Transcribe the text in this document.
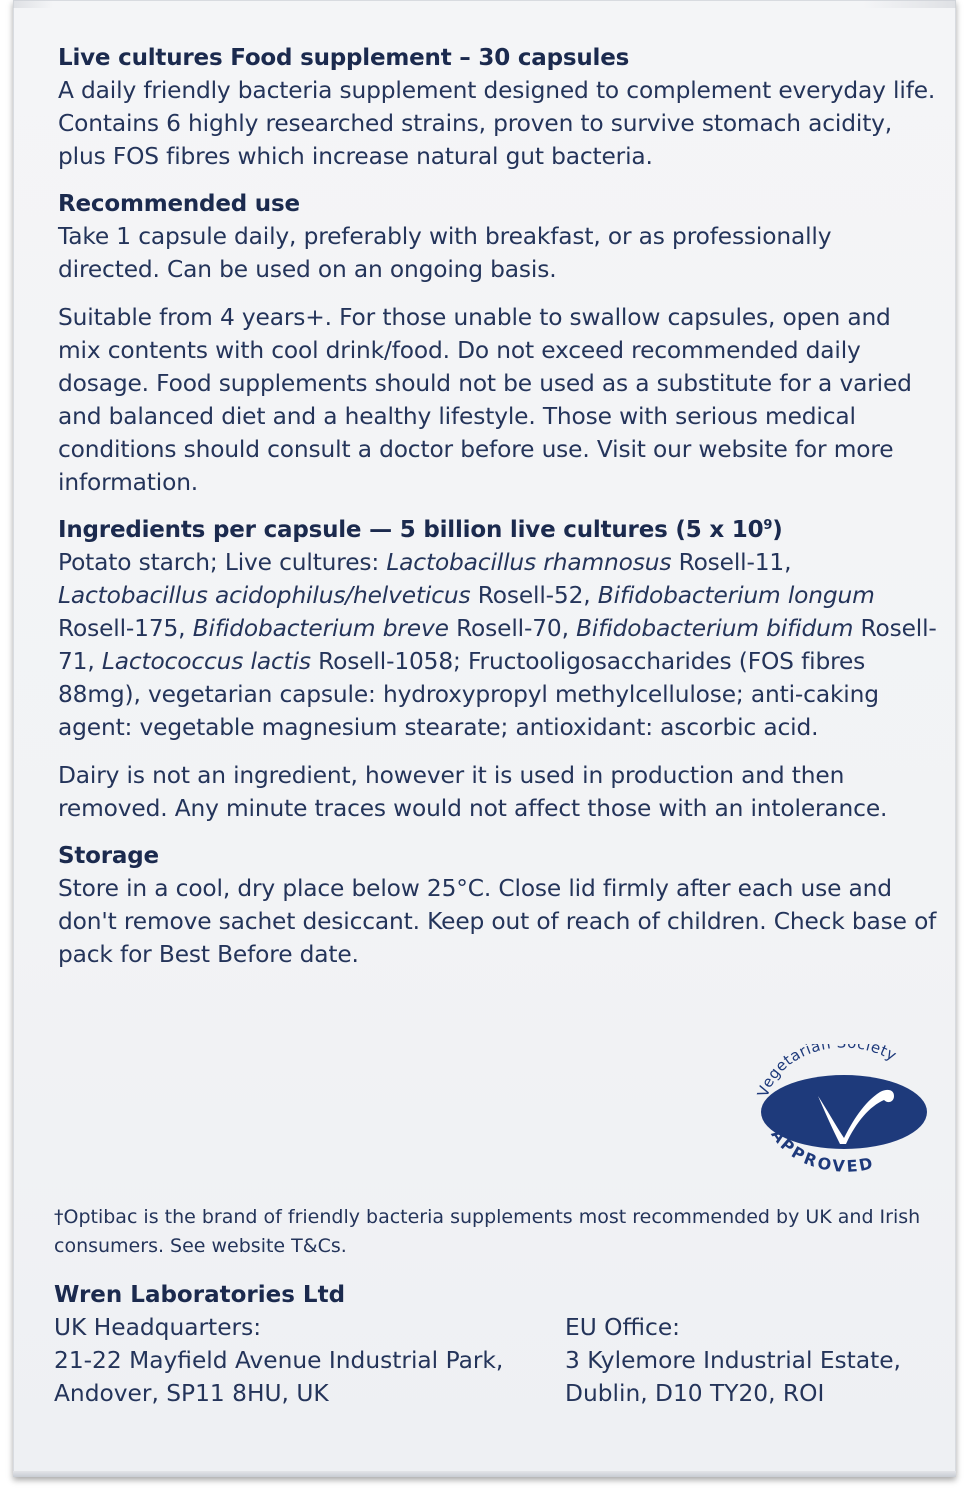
Live cultures Food supplement – 30 capsules

A daily friendly bacteria supplement designed to complement everyday life. Contains 6 highly researched strains, proven to survive stomach acidity, plus FOS fibres which increase natural gut bacteria.

Recommended use

Take 1 capsule daily, preferably with breakfast, or as professionally directed. Can be used on an ongoing basis.

Suitable from 4 years+. For those unable to swallow capsules, open and mix contents with cool drink/food. Do not exceed recommended daily dosage. Food supplements should not be used as a substitute for a varied and balanced diet and a healthy lifestyle. Those with serious medical conditions should consult a doctor before use. Visit our website for more information.

Ingredients per capsule — 5 billion live cultures (5 x $10^9$)

Potato starch; Live cultures: Lactobacillus rhamnosus Rosell-11, Lactobacillus acidophilus/helveticus Rosell-52, Bifidobacterium longum Rosell-175, Bifidobacterium breve Rosell-70, Bifidobacterium bifidum Rosell-71, Lactococcus lactis Rosell-1058; Fructooligosaccharides (FOS fibres 88mg), vegetarian capsule: hydroxypropyl methylcellulose; anti-caking agent: vegetable magnesium stearate; antioxidant: ascorbic acid.

Dairy is not an ingredient, however it is used in production and then removed. Any minute traces would not affect those with an intolerance.

Storage

Store in a cool, dry place below 25°C. Close lid firmly after each use and don't remove sachet desiccant. Keep out of reach of children. Check base of pack for Best Before date.

Vegetarian ciety
APPROVED
†Optibac is the brand of friendly bacteria supplements most recommended by UK and Irish consumers. See website T&Cs.
Wren Laboratories Ltd
UK Headquarters:
21-22 Mayfield Avenue Industrial Park,
Andover, SP11 8HU, UK
EU Office:
3 Kylemore Industrial Estate,
Dublin, D10 TY20, ROI
